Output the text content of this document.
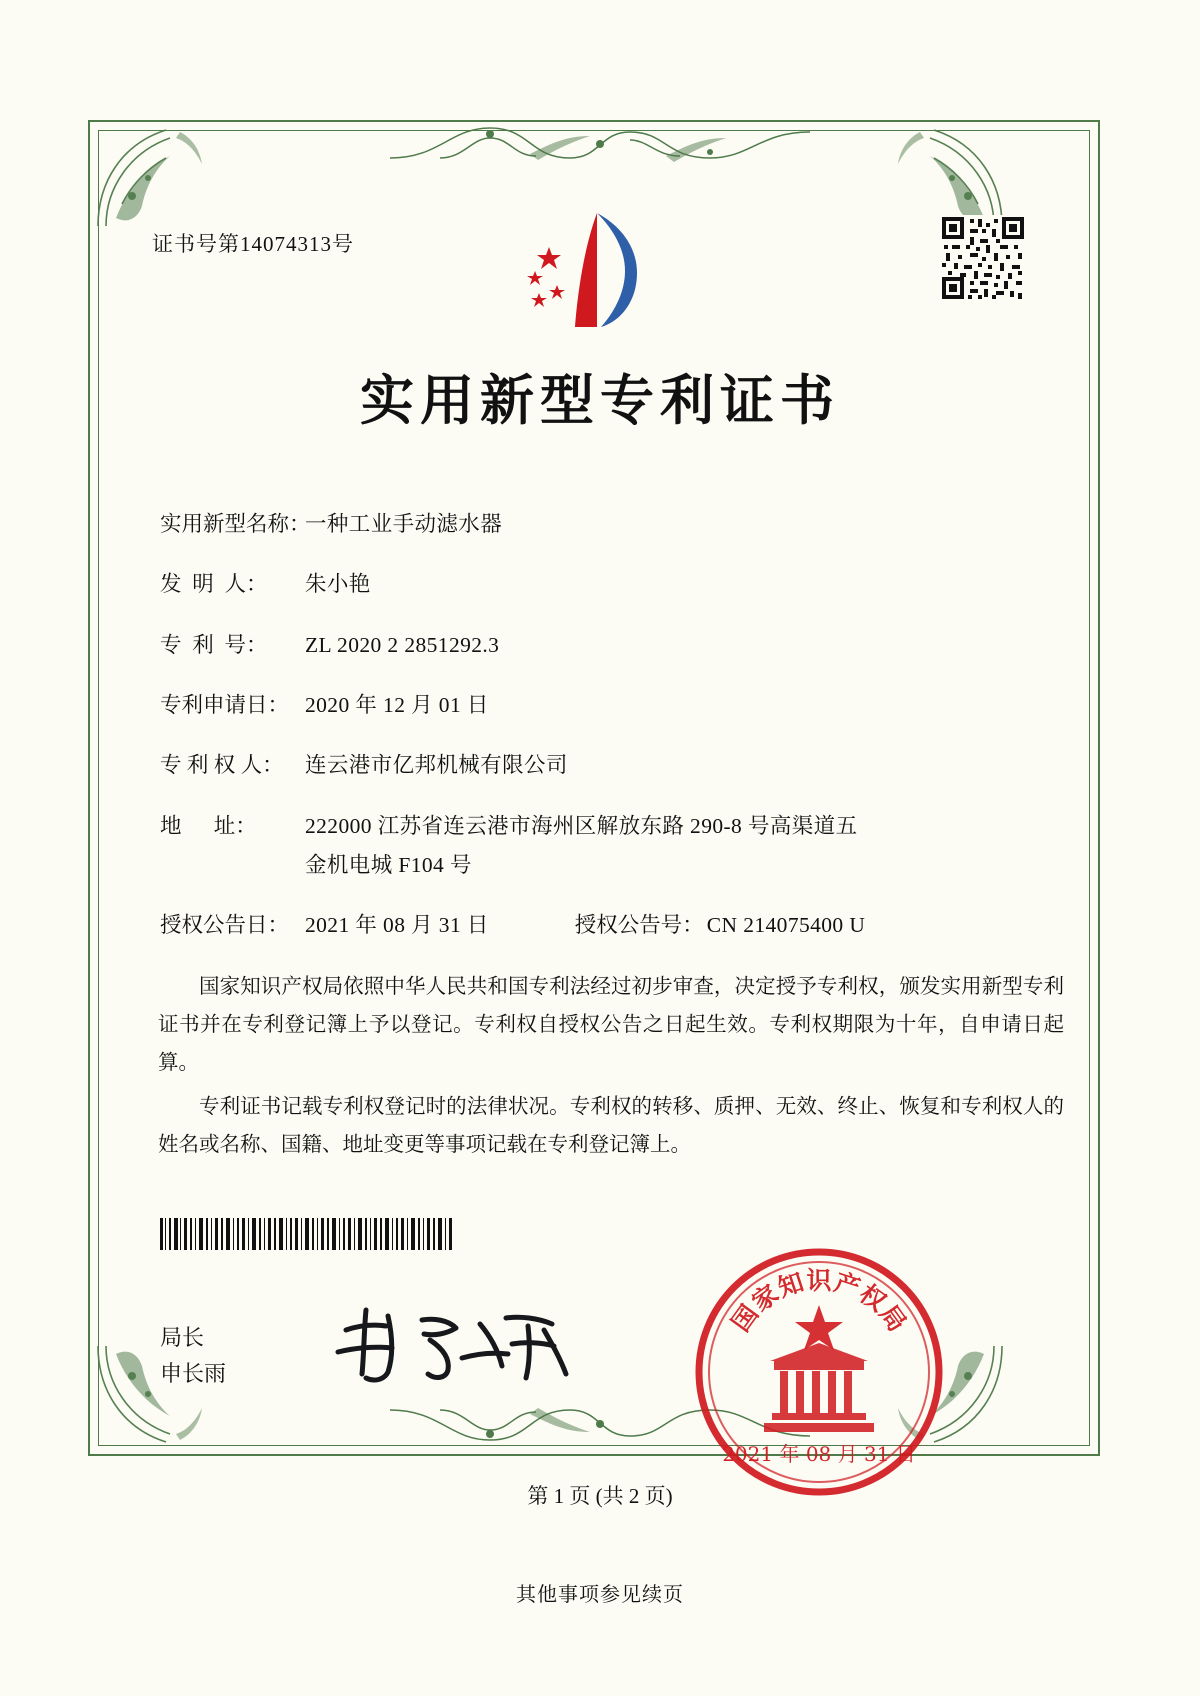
证书号第14074313号
实用新型专利证书
实用新型名称：
一种工业手动滤水器
发  明  人：	朱小艳
专  利  号：	ZL 2020 2 2851292.3
专利申请日： 2020 年 12 月 01 日
专 利 权 人： 连云港市亿邦机械有限公司
地      址：	222000 江苏省连云港市海州区解放东路 290-8 号高渠道五
金机电城 F104 号
授权公告日： 2021 年 08 月 31 日	授权公告号： CN 214075400 U

国家知识产权局依照中华人民共和国专利法经过初步审查，决定授予专利权，颁发实用新型专利证书并在专利登记簿上予以登记。专利权自授权公告之日起生效。专利权期限为十年，自申请日起算。

专利证书记载专利权登记时的法律状况。专利权的转移、质押、无效、终止、恢复和专利权人的姓名或名称、国籍、地址变更等事项记载在专利登记簿上。

局长
申长雨
国
家
知 识 产
权
局
2021 年 08 月 31 日
第 1 页 (共 2 页)
其他事项参见续页
